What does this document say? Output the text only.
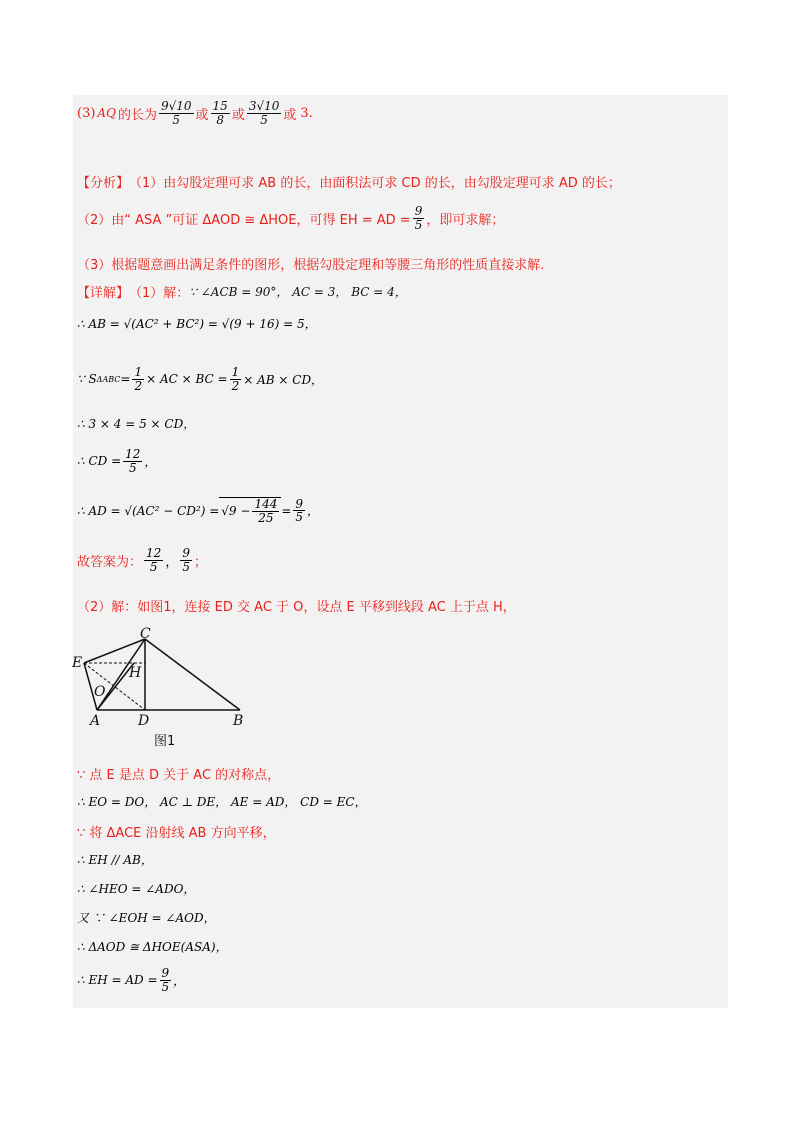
(3) AQ 的长为 $\frac{9√10}{5}$ 或 $\frac{15}{8}$ 或 $\frac{3√10}{5}$ 或 3.
【分析】 （1）由勾股定理可求 AB 的长，由面积法可求 CD 的长，由勾股定理可求 AD 的长；
（2）由“ ASA ”可证 ΔAOD ≅ ΔHOE，可得 EH = AD = $\frac{9}{5}$ ，即可求解；
（3）根据题意画出满足条件的图形，根据勾股定理和等腰三角形的性质直接求解.
【详解】 （1）解： ∵ ∠ACB = 90°， AC = 3， BC = 4，
∴ AB = √(AC² + BC²) = √(9 + 16) = 5，
∵ S $\Delta ABC = \frac{1}{2}$ × AC × BC = $\frac{1}{2}$ × AB × CD，
∴ 3 × 4 = 5 × CD，
∴ CD = $\frac{12}{5}$ ，
∴ AD = √(AC² − CD²) = √ $9 - \frac{144}{25} = \frac{9}{5}$ ，
故答案为： $\frac{12}{5}$ ， $\frac{9}{5}$ ；
（2）解：如图1，连接 ED 交 AC 于 O，设点 E 平移到线段 AC 上于点 H，
C
E
H
O
A	D	B
图1
∵ 点 E 是点 D 关于 AC 的对称点，
∴ EO = DO， AC ⊥ DE， AE = AD， CD = EC，
∵ 将 ΔACE 沿射线 AB 方向平移，
∴ EH // AB，
∴ ∠HEO = ∠ADO，
又 ∵ ∠EOH = ∠AOD，
∴ ΔAOD ≅ ΔHOE(ASA)，
∴ EH = AD = $\frac{9}{5}$ ，
